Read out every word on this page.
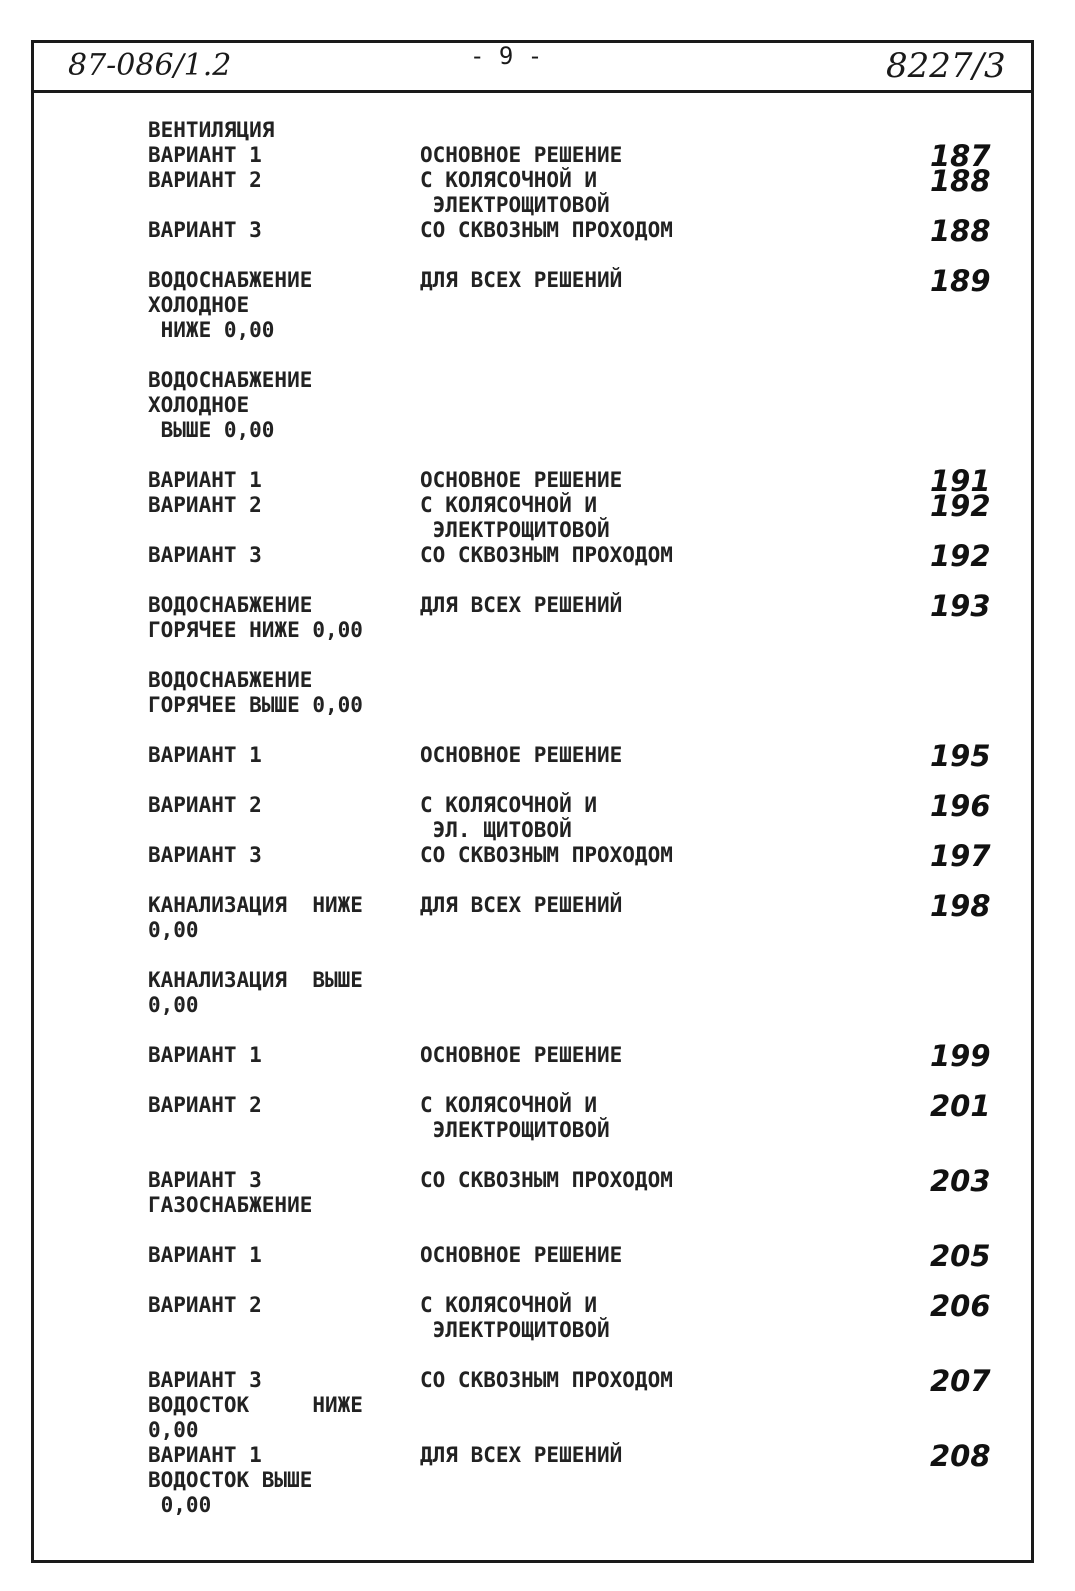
87-086/1.2	- 9 -	8227/3
ВЕНТИЛЯЦИЯ
ВАРИАНТ 1	ОСНОВНОЕ РЕШЕНИЕ	187
ВАРИАНТ 2	С КОЛЯСОЧНОЙ И	188
ЭЛЕКТРОЩИТОВОЙ
ВАРИАНТ 3	СО СКВОЗНЫМ ПРОХОДОМ	188
ВОДОСНАБЖЕНИЕ	ДЛЯ ВСЕХ РЕШЕНИЙ	189
ХОЛОДНОЕ
НИЖЕ 0,00
ВОДОСНАБЖЕНИЕ
ХОЛОДНОЕ
ВЫШЕ 0,00
ВАРИАНТ 1	ОСНОВНОЕ РЕШЕНИЕ	191
ВАРИАНТ 2	С КОЛЯСОЧНОЙ И	192
ЭЛЕКТРОЩИТОВОЙ
ВАРИАНТ 3	СО СКВОЗНЫМ ПРОХОДОМ	192
ВОДОСНАБЖЕНИЕ	ДЛЯ ВСЕХ РЕШЕНИЙ	193
ГОРЯЧЕЕ НИЖЕ 0,00
ВОДОСНАБЖЕНИЕ
ГОРЯЧЕЕ ВЫШЕ 0,00
ВАРИАНТ 1	ОСНОВНОЕ РЕШЕНИЕ	195
ВАРИАНТ 2	С КОЛЯСОЧНОЙ И	196
ЭЛ. ЩИТОВОЙ
ВАРИАНТ 3	СО СКВОЗНЫМ ПРОХОДОМ	197
КАНАЛИЗАЦИЯ  НИЖЕ	ДЛЯ ВСЕХ РЕШЕНИЙ	198
0,00
КАНАЛИЗАЦИЯ  ВЫШЕ
0,00
ВАРИАНТ 1	ОСНОВНОЕ РЕШЕНИЕ	199
ВАРИАНТ 2	С КОЛЯСОЧНОЙ И	201
ЭЛЕКТРОЩИТОВОЙ
ВАРИАНТ 3	СО СКВОЗНЫМ ПРОХОДОМ	203
ГАЗОСНАБЖЕНИЕ
ВАРИАНТ 1	ОСНОВНОЕ РЕШЕНИЕ	205
ВАРИАНТ 2	С КОЛЯСОЧНОЙ И	206
ЭЛЕКТРОЩИТОВОЙ
ВАРИАНТ 3	СО СКВОЗНЫМ ПРОХОДОМ	207
ВОДОСТОК     НИЖЕ
0,00
ВАРИАНТ 1	ДЛЯ ВСЕХ РЕШЕНИЙ	208
ВОДОСТОК ВЫШЕ
0,00
